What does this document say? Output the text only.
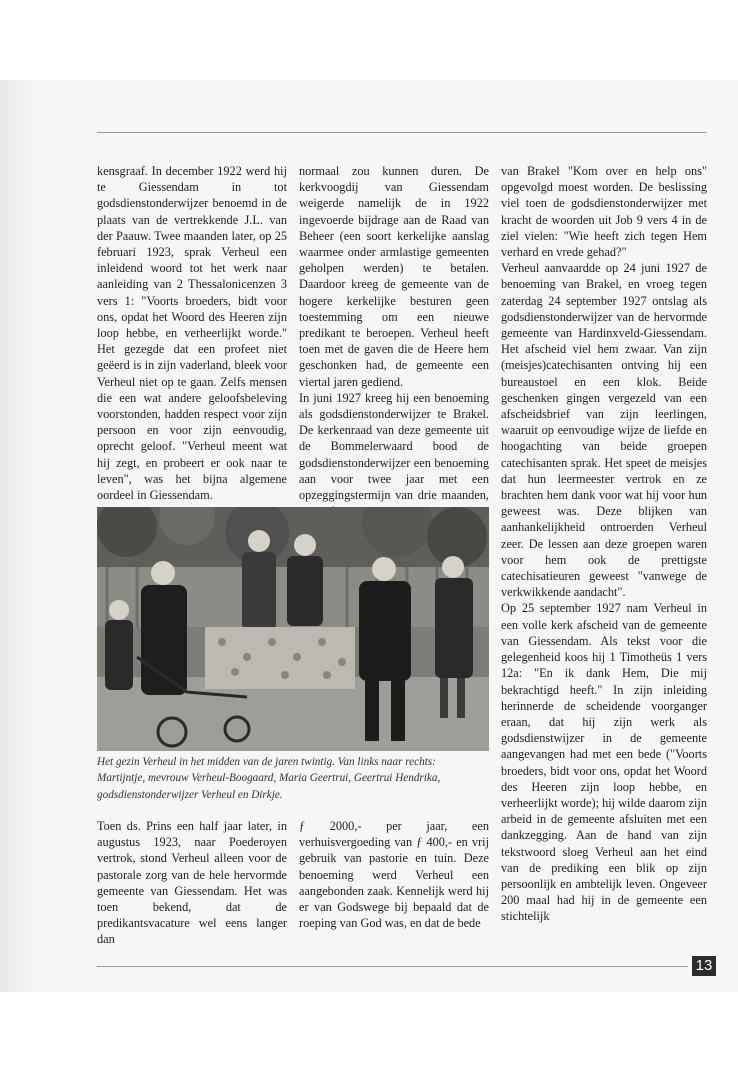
kensgraaf. In december 1922 werd hij te Giessendam in tot godsdienstonderwijzer benoemd in de plaats van de vertrekkende J.L. van der Paauw. Twee maanden later, op 25 februari 1923, sprak Verheul een inleidend woord tot het werk naar aanleiding van 2 Thessalonicenzen 3 vers 1: "Voorts broeders, bidt voor ons, opdat het Woord des Heeren zijn loop hebbe, en verheerlijkt worde." Het gezegde dat een profeet niet geëerd is in zijn vaderland, bleek voor Verheul niet op te gaan. Zelfs mensen die een wat andere geloofsbeleving voorstonden, hadden respect voor zijn persoon en voor zijn eenvoudig, oprecht geloof. "Verheul meent wat hij zegt, en probeert er ook naar te leven", was het bijna algemene oordeel in Giessendam.

normaal zou kunnen duren. De kerkvoogdij van Giessendam weigerde namelijk de in 1922 ingevoerde bijdrage aan de Raad van Beheer (een soort kerkelijke aanslag waarmee onder armlastige gemeenten geholpen werden) te betalen. Daardoor kreeg de gemeente van de hogere kerkelijke besturen geen toestemming om een nieuwe predikant te beroepen. Verheul heeft toen met de gaven die de Heere hem geschonken had, de gemeente een viertal jaren gediend.

In juni 1927 kreeg hij een benoeming als godsdienstonderwijzer te Brakel. De kerkenraad van deze gemeente uit de Bommelerwaard bood de godsdienstonderwijzer een benoeming aan voor twee jaar met een opzeggingstermijn van drie maanden,

van Brakel "Kom over en help ons" opgevolgd moest worden. De beslissing viel toen de godsdienstonderwijzer met kracht de woorden uit Job 9 vers 4 in de ziel vielen: "Wie heeft zich tegen Hem verhard en vrede gehad?"

Verheul aanvaardde op 24 juni 1927 de benoeming van Brakel, en vroeg tegen zaterdag 24 september 1927 ontslag als godsdienstonderwijzer van de hervormde gemeente van Hardinxveld-Giessendam. Het afscheid viel hem zwaar. Van zijn (meisjes)catechisanten ontving hij een bureaustoel en een klok. Beide geschenken gingen vergezeld van een afscheidsbrief van zijn leerlingen, waaruit op eenvoudige wijze de liefde en hoogachting van beide groepen catechisanten sprak. Het speet de meisjes dat hun leermeester vertrok en ze brachten hem dank voor wat hij voor hun geweest was. Deze blijken van aanhankelijkheid ontroerden Verheul zeer. De lessen aan deze groepen waren voor hem ook de prettigste catechisatieuren geweest "vanwege de verkwikkende aandacht".

Op 25 september 1927 nam Verheul in een volle kerk afscheid van de gemeente van Giessendam. Als tekst voor die gelegenheid koos hij 1 Timotheüs 1 vers 12a: "En ik dank Hem, Die mij bekrachtigd heeft." In zijn inleiding herinnerde de scheidende voorganger eraan, dat hij zijn werk als godsdienstwijzer in de gemeente aangevangen had met een bede ("Voorts broeders, bidt voor ons, opdat het Woord des Heeren zijn loop hebbe, en verheerlijkt worde); hij wilde daarom zijn arbeid in de gemeente afsluiten met een dankzegging. Aan de hand van zijn tekstwoord sloeg Verheul aan het eind van de prediking een blik op zijn persoonlijk en ambtelijk leven. Ongeveer 200 maal had hij in de gemeente een stichtelijk

Het gezin Verheul in het midden van de jaren twintig. Van links naar rechts:
Martijntje, mevrouw Verheul-Boogaard, Maria Geertrui, Geertrui Hendrika,
godsdienstonderwijzer Verheul en Dirkje.

Toen ds. Prins een half jaar later, in augustus 1923, naar Poederoyen vertrok, stond Verheul alleen voor de pastorale zorg van de hele hervormde gemeente van Giessendam. Het was toen bekend, dat de predikantsvacature wel eens langer dan

ƒ 2000,- per jaar, een verhuisvergoeding van ƒ 400,- en vrij gebruik van pastorie en tuin. Deze benoeming werd Verheul een aangebonden zaak. Kennelijk werd hij er van Godswege bij bepaald dat de roeping van God was, en dat de bede

13
